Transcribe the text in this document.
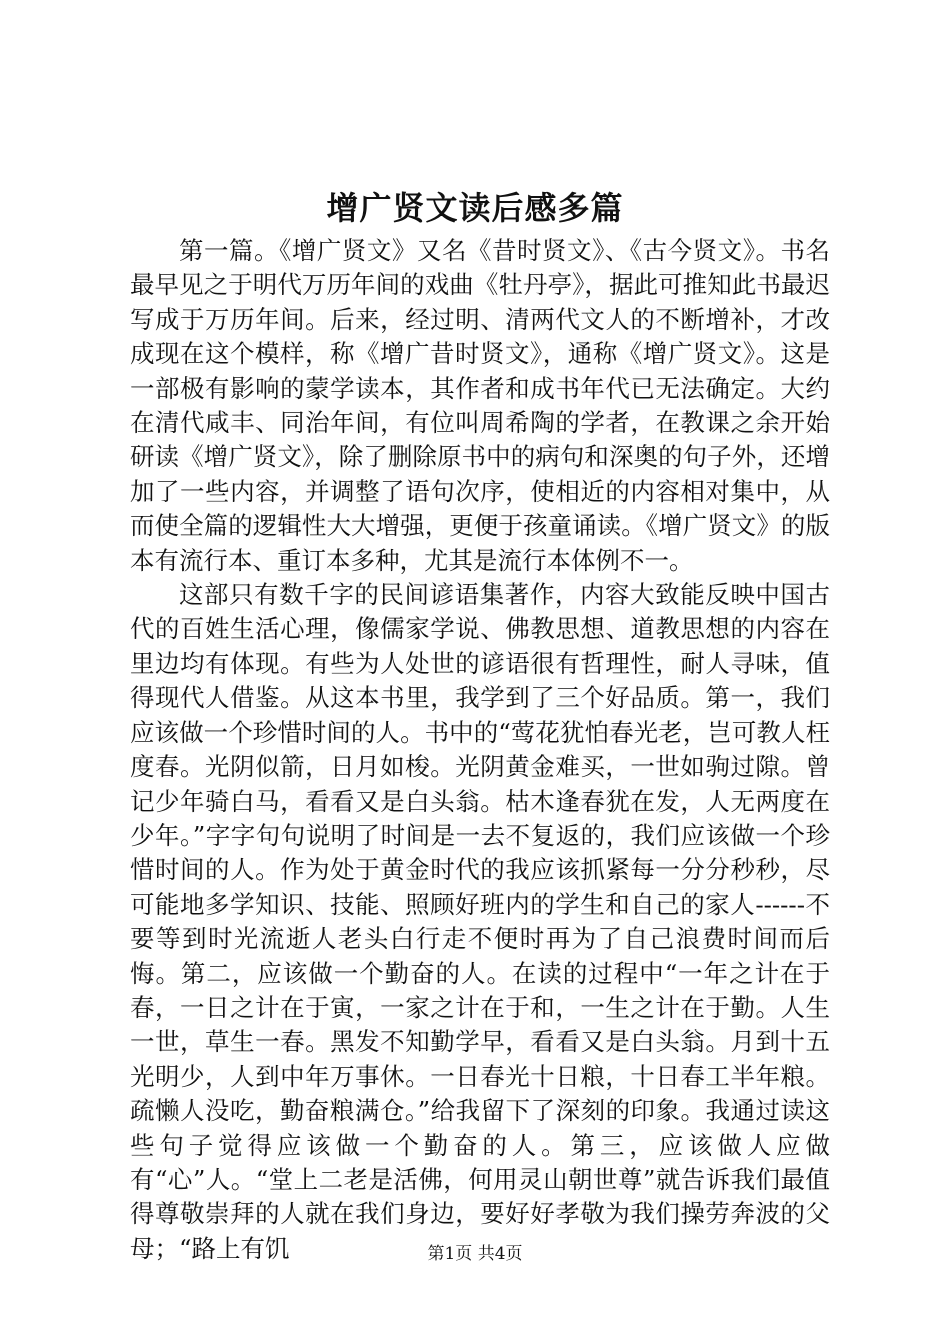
增广贤文读后感多篇

第一篇。《增广贤文》又名《昔时贤文》、《古今贤文》。书名最早见之于明代万历年间的戏曲《牡丹亭》，据此可推知此书最迟写成于万历年间。后来，经过明、清两代文人的不断增补，才改成现在这个模样，称《增广昔时贤文》，通称《增广贤文》。这是一部极有影响的蒙学读本，其作者和成书年代已无法确定。大约在清代咸丰、同治年间，有位叫周希陶的学者，在教课之余开始研读《增广贤文》，除了删除原书中的病句和深奥的句子外，还增加了一些内容，并调整了语句次序，使相近的内容相对集中，从而使全篇的逻辑性大大增强，更便于孩童诵读。《增广贤文》的版本有流行本、重订本多种，尤其是流行本体例不一。

这部只有数千字的民间谚语集著作，内容大致能反映中国古代的百姓生活心理，像儒家学说、佛教思想、道教思想的内容在里边均有体现。有些为人处世的谚语很有哲理性，耐人寻味，值得现代人借鉴。从这本书里，我学到了三个好品质。第一，我们应该做一个珍惜时间的人。书中的“莺花犹怕春光老，岂可教人枉度春。光阴似箭，日月如梭。光阴黄金难买，一世如驹过隙。曾记少年骑白马，看看又是白头翁。枯木逢春犹在发，人无两度在少年。”字字句句说明了时间是一去不复返的，我们应该做一个珍惜时间的人。作为处于黄金时代的我应该抓紧每一分分秒秒，尽可能地多学知识、技能、照顾好班内的学生和自己的家人------不要等到时光流逝人老头白行走不便时再为了自己浪费时间而后悔。第二，应该做一个勤奋的人。在读的过程中“一年之计在于春，一日之计在于寅，一家之计在于和，一生之计在于勤。人生一世，草生一春。黑发不知勤学早，看看又是白头翁。月到十五光明少，人到中年万事休。一日春光十日粮，十日春工半年粮。疏懒人没吃，勤奋粮满仓。”给我留下了深刻的印象。我通过读这些句子觉得应该做一个勤奋的人。第三，应该做人应做有“心”人。“堂上二老是活佛，何用灵山朝世尊”就告诉我们最值得尊敬崇拜的人就在我们身边，要好好孝敬为我们操劳奔波的父母；“路上有饥	第1页 共4页
